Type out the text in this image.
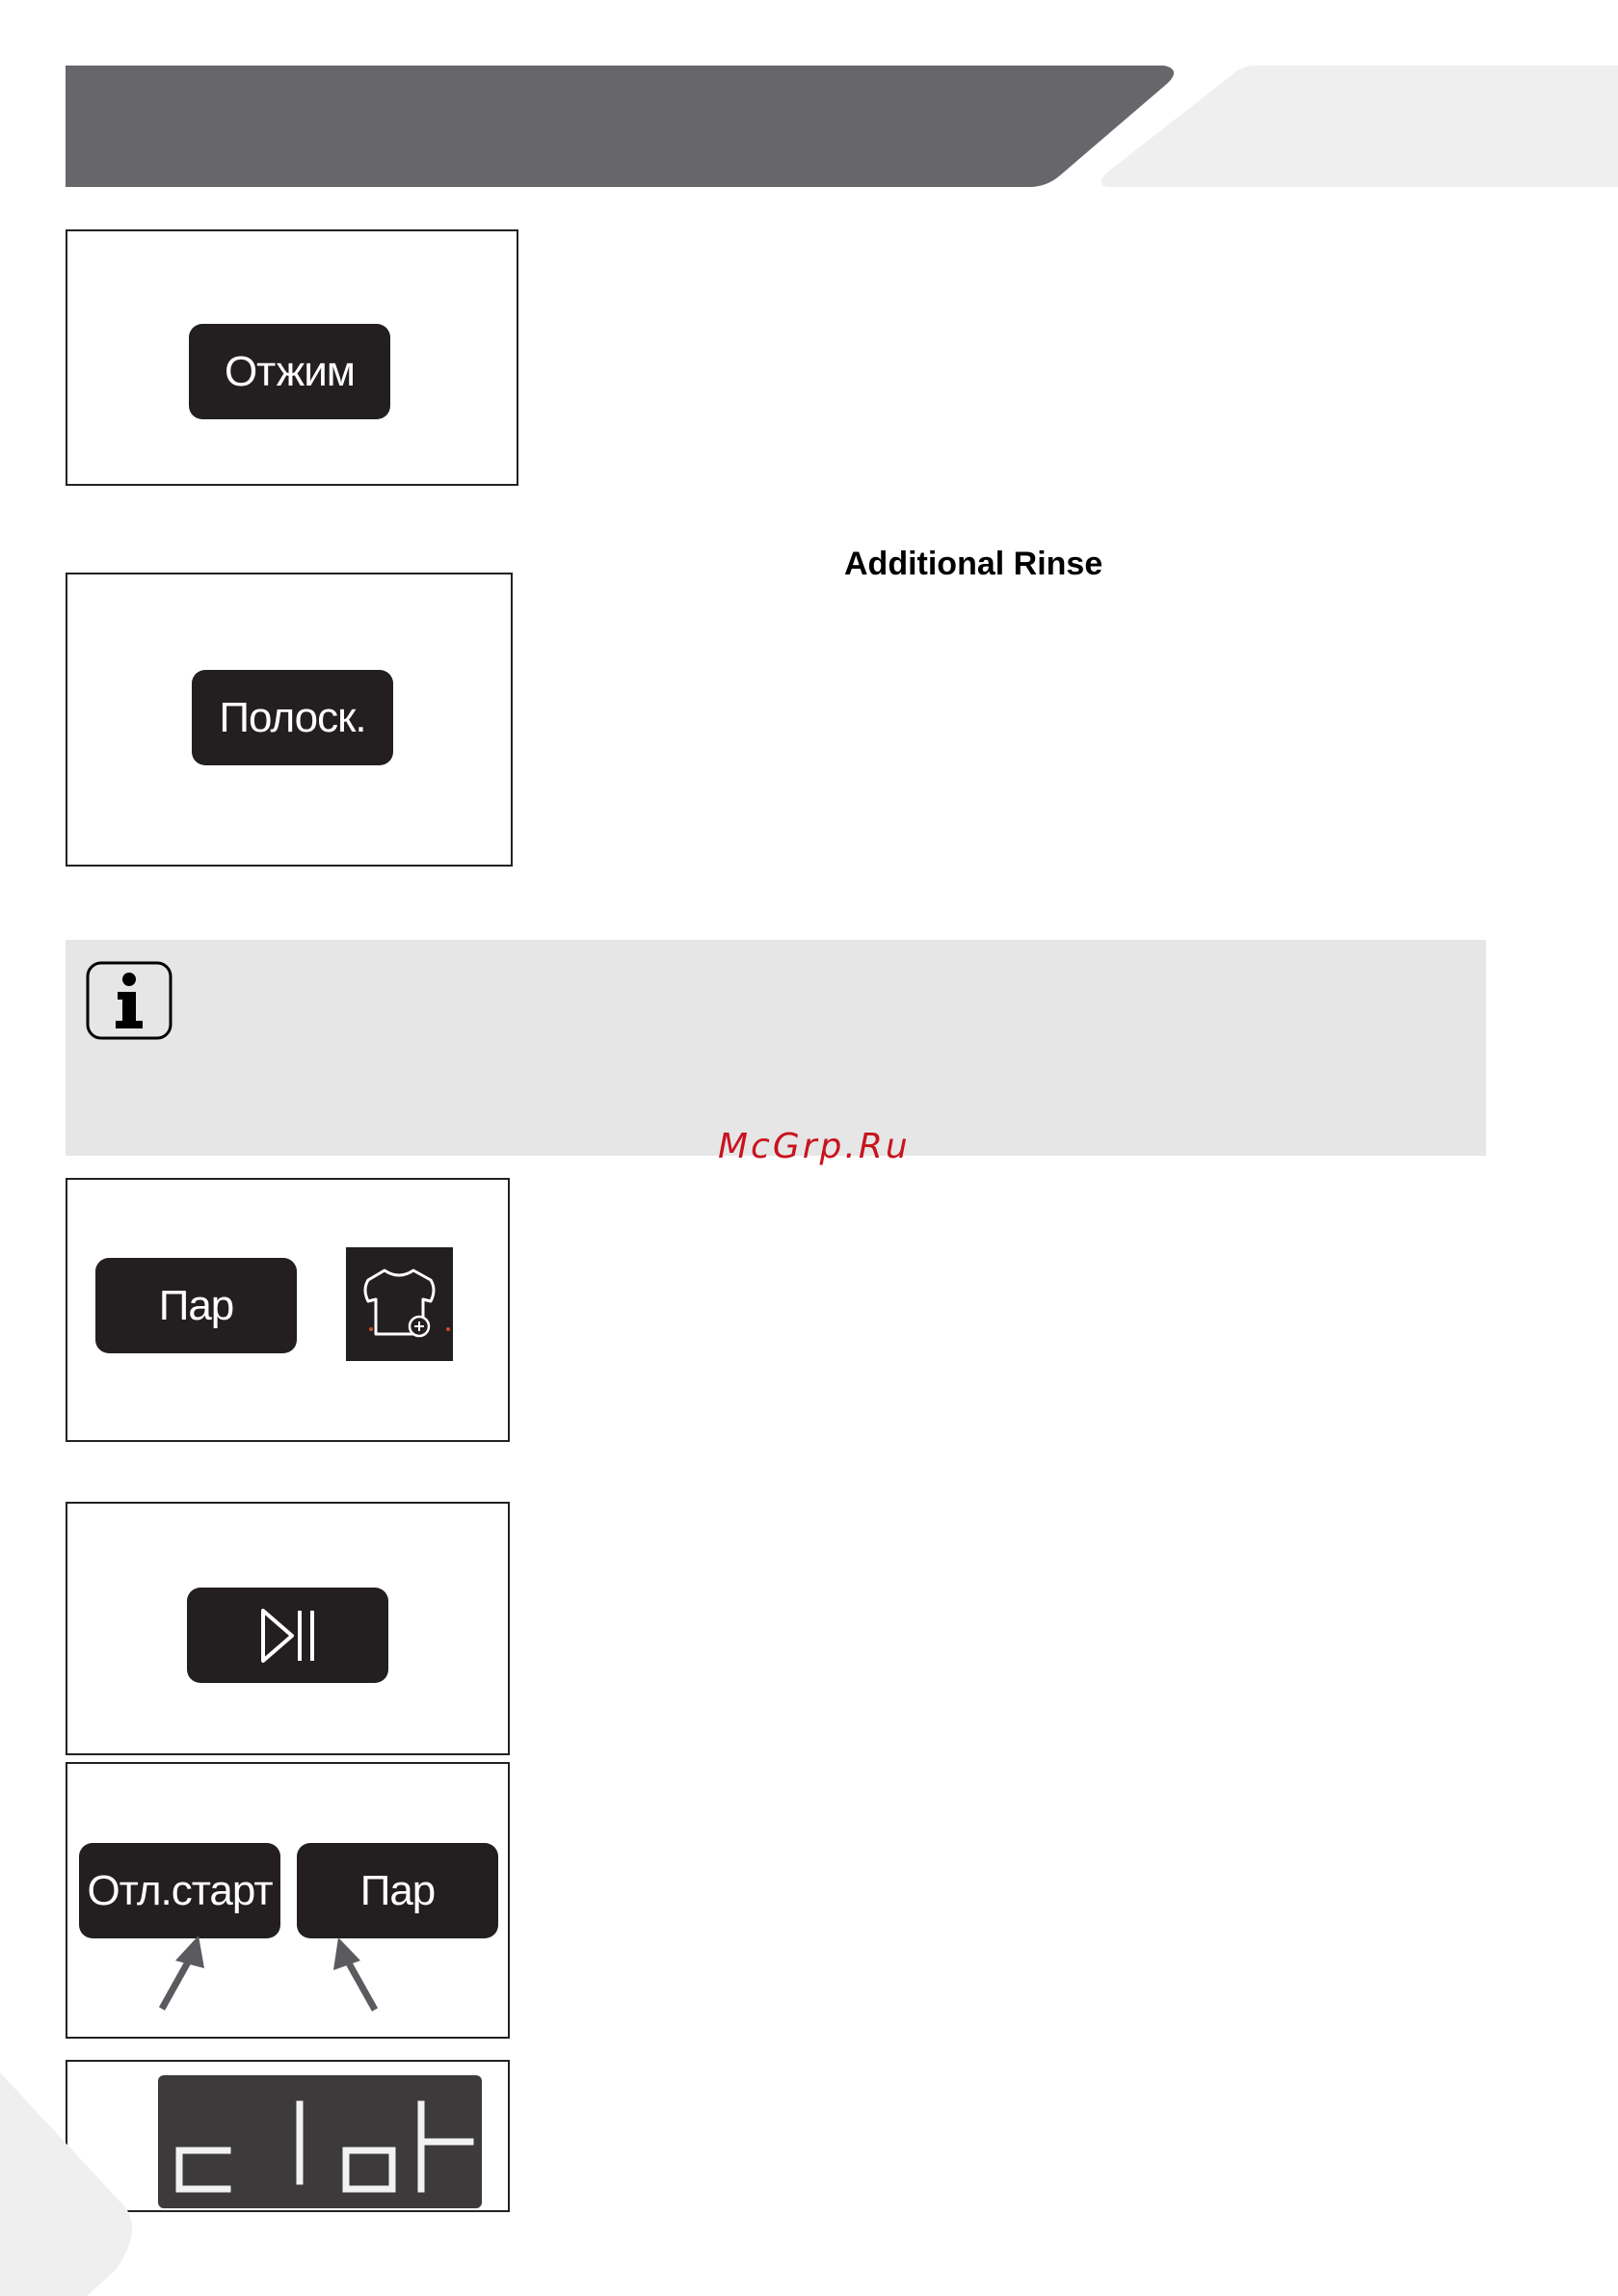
Отжим
Additional Rinse
Полоск.
McGrp.Ru
Пар
Отл.старт Пар
